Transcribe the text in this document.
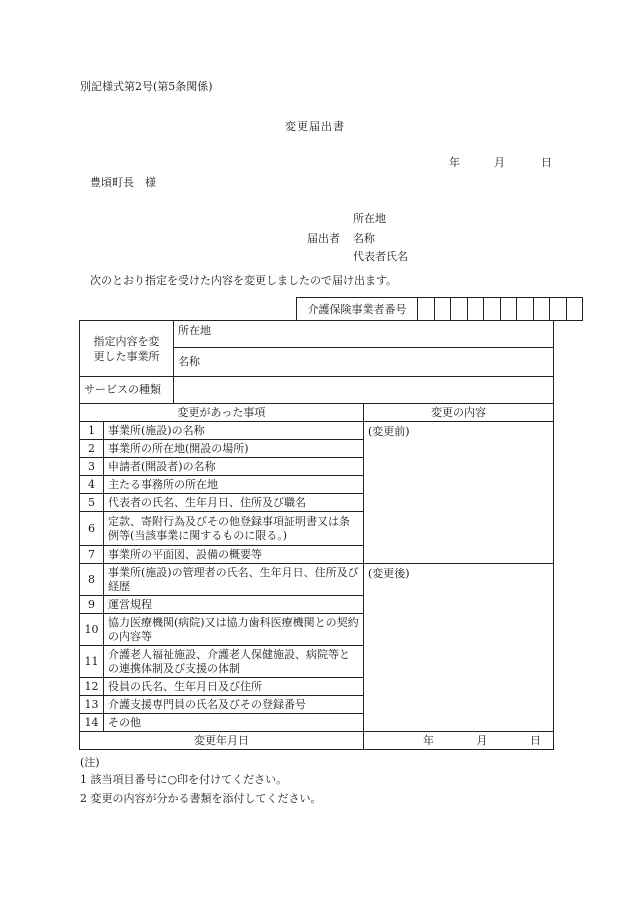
別記様式第2号(第5条関係)
変更届出書
年	月	日
豊頃町長　様
所在地
届出者 名称
代表者氏名
次のとおり指定を受けた内容を変更しましたので届け出ます。
介護保険事業者番号										
指定内容を変
更した事業所		所在地	
		名称	
サービスの種類			
変更があった事項			変更の内容
1	事業所(施設)の名称		(変更前)
2	事業所の所在地(開設の場所)		
3	申請者(開設者)の名称		
4	主たる事務所の所在地		
5	代表者の氏名、生年月日、住所及び職名		
6	定款、寄附行為及びその他登録事項証明書又は条例等(当該事業に関するものに限る。)		
7	事業所の平面図、設備の概要等		
8	事業所(施設)の管理者の氏名、生年月日、住所及び経歴		(変更後)
9	運営規程		
10	協力医療機関(病院)又は協力歯科医療機関との契約の内容等		
11	介護老人福祉施設、介護老人保健施設、病院等との連携体制及び支援の体制		
12	役員の氏名、生年月日及び住所		
13	介護支援専門員の氏名及びその登録番号		
14	その他		
変更年月日			年 月 日
(注)
1 該当項目番号に○印を付けてください。
2 変更の内容が分かる書類を添付してください。
